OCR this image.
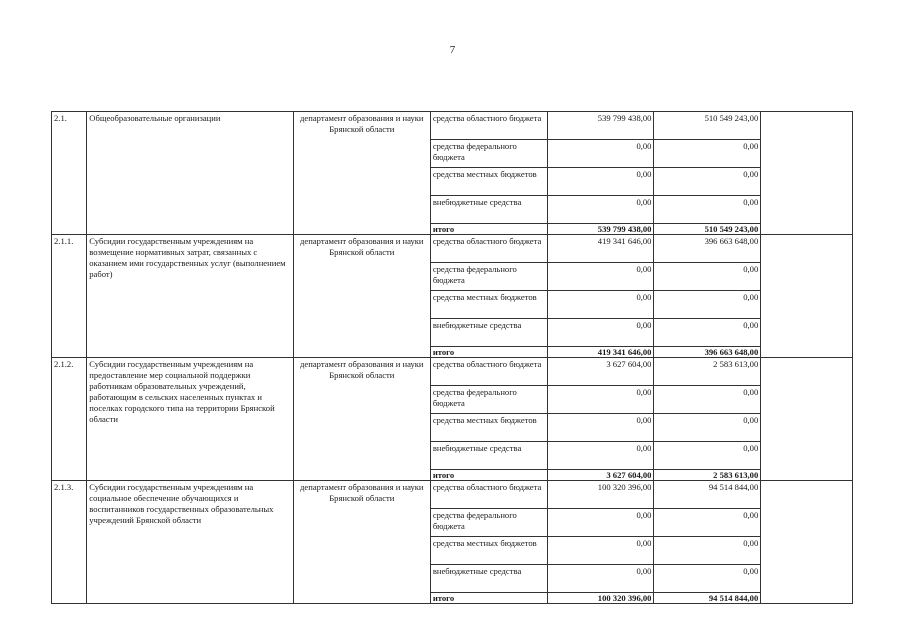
7
2.1.	Общеобразовательные организации	департамент образования и науки Брянской области	средства областного бюджета	539 799 438,00	510 549 243,00	
			средства федерального бюджета	0,00	0,00	
			средства местных бюджетов	0,00	0,00	
			внебюджетные средства	0,00	0,00	
			итого	539 799 438,00	510 549 243,00	
2.1.1.	Субсидии государственным учреждениям на возмещение нормативных затрат, связанных с оказанием ими государственных услуг (выполнением работ)	департамент образования и науки Брянской области	средства областного бюджета	419 341 646,00	396 663 648,00	
			средства федерального бюджета	0,00	0,00	
			средства местных бюджетов	0,00	0,00	
			внебюджетные средства	0,00	0,00	
			итого	419 341 646,00	396 663 648,00	
2.1.2.	Субсидии государственным учреждениям на предоставление мер социальной поддержки работникам образовательных учреждений, работающим в сельских населенных пунктах и поселках городского типа на территории Брянской области	департамент образования и науки Брянской области	средства областного бюджета	3 627 604,00	2 583 613,00	
			средства федерального бюджета	0,00	0,00	
			средства местных бюджетов	0,00	0,00	
			внебюджетные средства	0,00	0,00	
			итого	3 627 604,00	2 583 613,00	
2.1.3.	Субсидии государственным учреждениям на социальное обеспечение обучающихся и воспитанников государственных образовательных учреждений Брянской области	департамент образования и науки Брянской области	средства областного бюджета	100 320 396,00	94 514 844,00	
			средства федерального бюджета	0,00	0,00	
			средства местных бюджетов	0,00	0,00	
			внебюджетные средства	0,00	0,00	
			итого	100 320 396,00	94 514 844,00	
